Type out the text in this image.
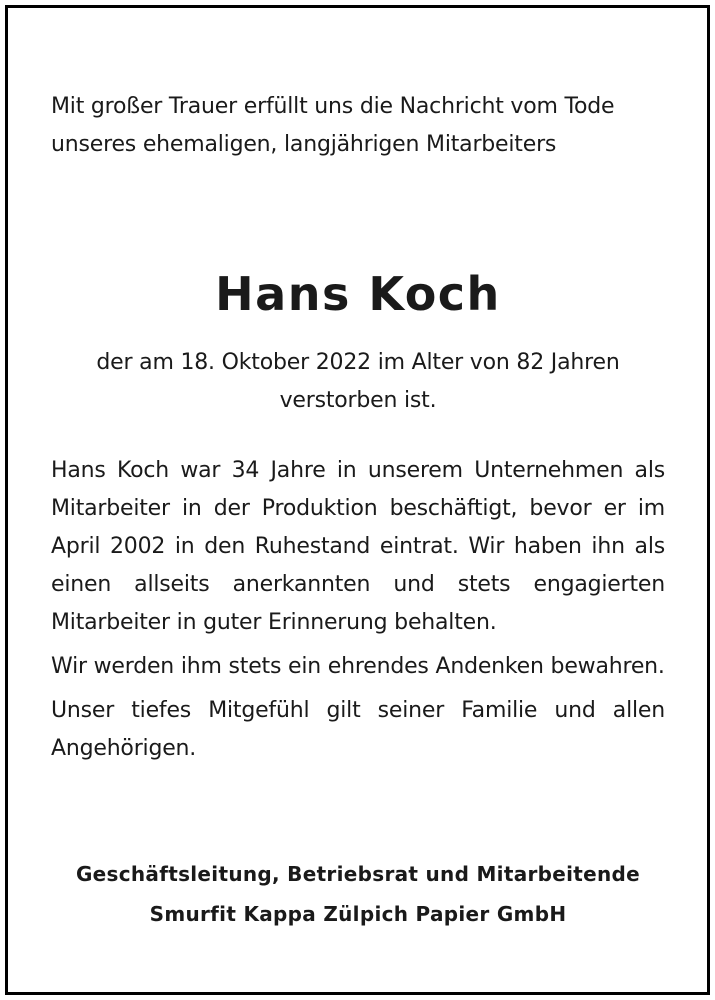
Mit großer Trauer erfüllt uns die Nachricht vom Tode

unseres ehemaligen, langjährigen Mitarbeiters

Hans Koch

der am 18. Oktober 2022 im Alter von 82 Jahren

verstorben ist.

Hans Koch war 34 Jahre in unserem Unternehmen als Mitarbeiter in der Produktion beschäftigt, bevor er im April 2002 in den Ruhestand eintrat. Wir haben ihn als einen allseits anerkannten und stets engagierten Mitarbeiter in guter Erinnerung behalten.

Wir werden ihm stets ein ehrendes Andenken bewahren.

Unser tiefes Mitgefühl gilt seiner Familie und allen Angehörigen.

Geschäftsleitung, Betriebsrat und Mitarbeitende

Smurfit Kappa Zülpich Papier GmbH
